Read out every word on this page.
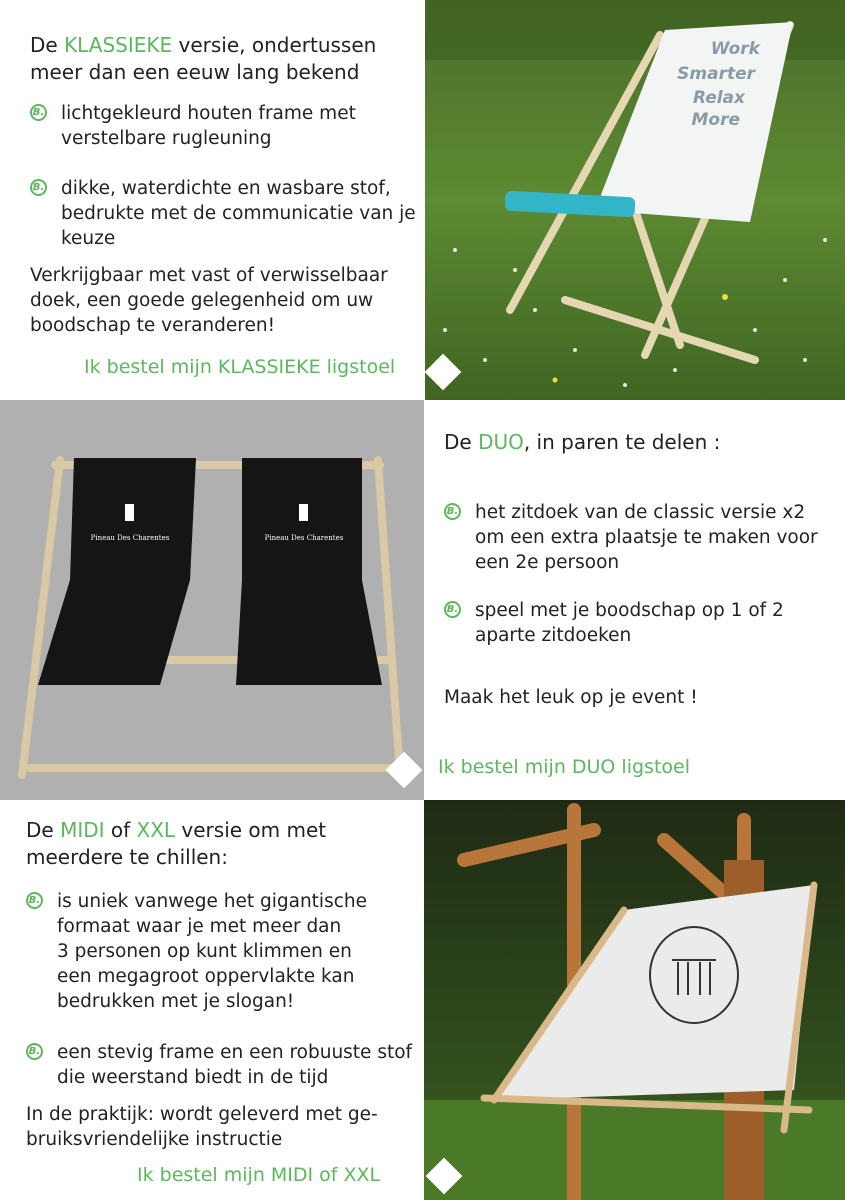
De KLASSIEKE versie, ondertussen
meer dan een eeuw lang bekend
B. lichtgekleurd houten frame met
verstelbare rugleuning
B. dikke, waterdichte en wasbare stof,
bedrukte met de communicatie van je
keuze
Verkrijgbaar met vast of verwisselbaar
doek, een goede gelegenheid om uw
boodschap te veranderen!
Ik bestel mijn KLASSIEKE ligstoel
Work
Smarter
Relax
More
Pineau Des Charentes	Pineau Des Charentes
De DUO, in paren te delen :
B. het zitdoek van de classic versie x2
om een extra plaatsje te maken voor
een 2e persoon
B. speel met je boodschap op 1 of 2
aparte zitdoeken
Maak het leuk op je event !
Ik bestel mijn DUO ligstoel
De MIDI of XXL versie om met
meerdere te chillen:
B. is uniek vanwege het gigantische
formaat waar je met meer dan
3 personen op kunt klimmen en
een megagroot oppervlakte kan
bedrukken met je slogan!
B. een stevig frame en een robuuste stof
die weerstand biedt in de tijd
In de praktijk: wordt geleverd met ge-
bruiksvriendelijke instructie
Ik bestel mijn MIDI of XXL
